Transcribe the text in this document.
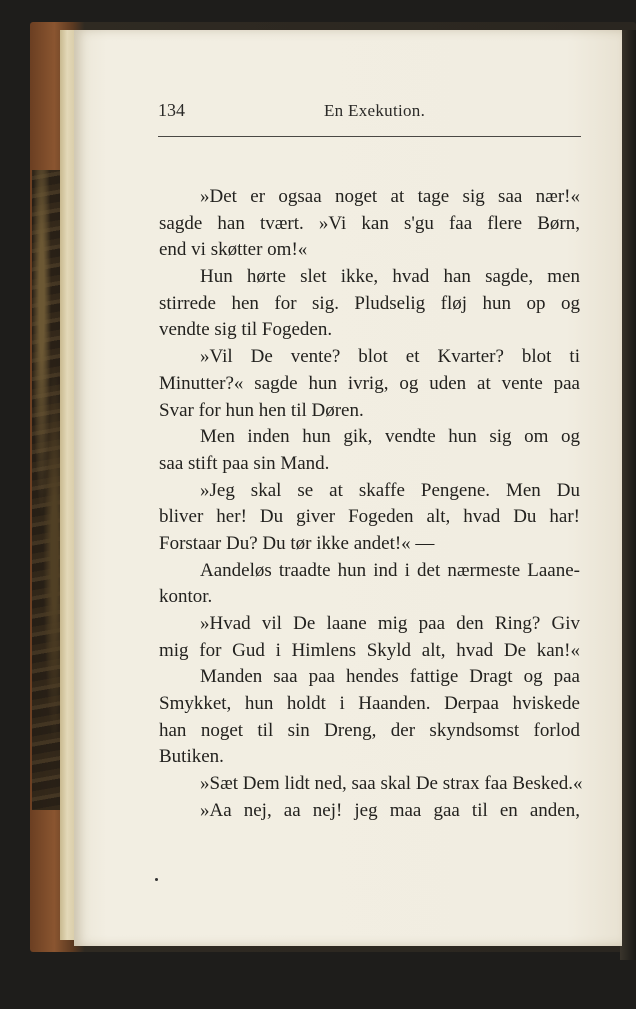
134	En Exekution.
»Det er ogsaa noget at tage sig saa nær!«
sagde han tvært. »Vi kan s'gu faa flere Børn,
end vi skøtter om!«
Hun hørte slet ikke, hvad han sagde, men
stirrede hen for sig. Pludselig fløj hun op og
vendte sig til Fogeden.
»Vil De vente? blot et Kvarter? blot ti
Minutter?« sagde hun ivrig, og uden at vente paa
Svar for hun hen til Døren.
Men inden hun gik, vendte hun sig om og
saa stift paa sin Mand.
»Jeg skal se at skaffe Pengene. Men Du
bliver her! Du giver Fogeden alt, hvad Du har!
Forstaar Du? Du tør ikke andet!« —
Aandeløs traadte hun ind i det nærmeste Laane-
kontor.
»Hvad vil De laane mig paa den Ring? Giv
mig for Gud i Himlens Skyld alt, hvad De kan!«
Manden saa paa hendes fattige Dragt og paa
Smykket, hun holdt i Haanden. Derpaa hviskede
han noget til sin Dreng, der skyndsomst forlod
Butiken.
»Sæt Dem lidt ned, saa skal De strax faa Besked.«
»Aa nej, aa nej! jeg maa gaa til en anden,
